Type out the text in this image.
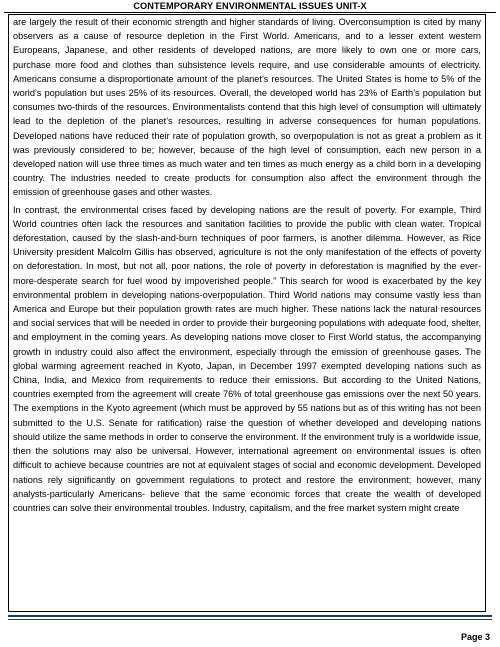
CONTEMPORARY ENVIRONMENTAL ISSUES UNIT-X

are largely the result of their economic strength and higher standards of living. Overconsumption is cited by many observers as a cause of resource depletion in the First World. Americans, and to a lesser extent western Europeans, Japanese, and other residents of developed nations, are more likely to own one or more cars, purchase more food and clothes than subsistence levels require, and use considerable amounts of electricity. Americans consume a disproportionate amount of the planet’s resources. The United States is home to 5% of the world’s population but uses 25% of its resources. Overall, the developed world has 23% of Earth’s population but consumes two-thirds of the resources. Environmentalists contend that this high level of consumption will ultimately lead to the depletion of the planet’s resources, resulting in adverse consequences for human populations. Developed nations have reduced their rate of population growth, so overpopulation is not as great a problem as it was previously considered to be; however, because of the high level of consumption, each new person in a developed nation will use three times as much water and ten times as much energy as a child born in a developing country. The industries needed to create products for consumption also affect the environment through the emission of greenhouse gases and other wastes.

In contrast, the environmental crises faced by developing nations are the result of poverty. For example, Third World countries often lack the resources and sanitation facilities to provide the public with clean water. Tropical deforestation, caused by the slash-and-burn techniques of poor farmers, is another dilemma. However, as Rice University president Malcolm Gillis has observed, agriculture is not the only manifestation of the effects of poverty on deforestation. In most, but not all, poor nations, the role of poverty in deforestation is magnified by the ever-more-desperate search for fuel wood by impoverished people.” This search for wood is exacerbated by the key environmental problem in developing nations-overpopulation. Third World nations may consume vastly less than America and Europe but their population growth rates are much higher. These nations lack the natural resources and social services that will be needed in order to provide their burgeoning populations with adequate food, shelter, and employment in the coming years. As developing nations move closer to First World status, the accompanying growth in industry could also affect the environment, especially through the emission of greenhouse gases. The global warming agreement reached in Kyoto, Japan, in December 1997 exempted developing nations such as China, India, and Mexico from requirements to reduce their emissions. But according to the United Nations, countries exempted from the agreement will create 76% of total greenhouse gas emissions over the next 50 years. The exemptions in the Kyoto agreement (which must be approved by 55 nations but as of this writing has not been submitted to the U.S. Senate for ratification) raise the question of whether developed and developing nations should utilize the same methods in order to conserve the environment. If the environment truly is a worldwide issue, then the solutions may also be universal. However, international agreement on environmental issues is often difficult to achieve because countries are not at equivalent stages of social and economic development. Developed nations rely significantly on government regulations to protect and restore the environment; however, many analysts-particularly Americans- believe that the same economic forces that create the wealth of developed countries can solve their environmental troubles. Industry, capitalism, and the free market system might create

Page 3
